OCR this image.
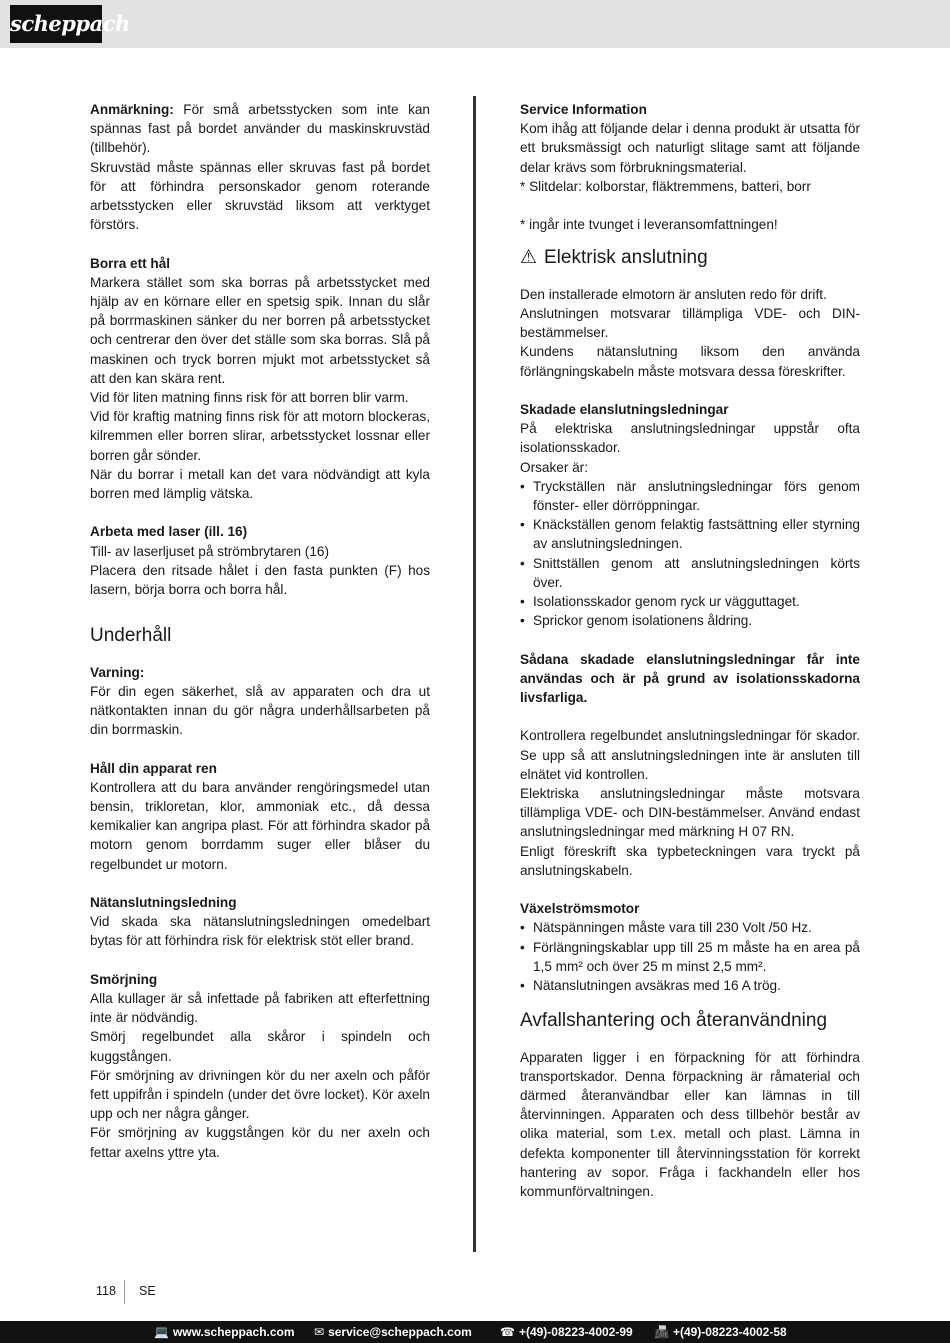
scheppach

Anmärkning: För små arbetsstycken som inte kan spännas fast på bordet använder du maskinskruvstäd (tillbehör).

Skruvstäd måste spännas eller skruvas fast på bordet för att förhindra personskador genom roterande arbetsstycken eller skruvstäd liksom att verktyget förstörs.

Borra ett hål

Markera stället som ska borras på arbetsstycket med hjälp av en körnare eller en spetsig spik. Innan du slår på borrmaskinen sänker du ner borren på arbetsstycket och centrerar den över det ställe som ska borras. Slå på maskinen och tryck borren mjukt mot arbetsstycket så att den kan skära rent.

Vid för liten matning finns risk för att borren blir varm.

Vid för kraftig matning finns risk för att motorn blockeras, kilremmen eller borren slirar, arbetsstycket lossnar eller borren går sönder.

När du borrar i metall kan det vara nödvändigt att kyla borren med lämplig vätska.

Arbeta med laser (ill. 16)

Till- av laserljuset på strömbrytaren (16)

Placera den ritsade hålet i den fasta punkten (F) hos lasern, börja borra och borra hål.

Underhåll
Varning:

För din egen säkerhet, slå av apparaten och dra ut nätkontakten innan du gör några underhållsarbeten på din borrmaskin.

Håll din apparat ren

Kontrollera att du bara använder rengöringsmedel utan bensin, trikloretan, klor, ammoniak etc., då dessa kemikalier kan angripa plast. För att förhindra skador på motorn genom borrdamm suger eller blåser du regelbundet ur motorn.

Nätanslutningsledning

Vid skada ska nätanslutningsledningen omedelbart bytas för att förhindra risk för elektrisk stöt eller brand.

Smörjning

Alla kullager är så infettade på fabriken att efterfettning inte är nödvändig.

Smörj regelbundet alla skåror i spindeln och kuggstången.

För smörjning av drivningen kör du ner axeln och påför fett uppifrån i spindeln (under det övre locket). Kör axeln upp och ner några gånger.

För smörjning av kuggstången kör du ner axeln och fettar axelns yttre yta.

Service Information

Kom ihåg att följande delar i denna produkt är utsatta för ett bruksmässigt och naturligt slitage samt att följande delar krävs som förbrukningsmaterial.

* Slitdelar: kolborstar, fläktremmens, batteri, borr

* ingår inte tvunget i leveransomfattningen!

⚠ Elektrisk anslutning

Den installerade elmotorn är ansluten redo för drift.

Anslutningen motsvarar tillämpliga VDE- och DIN-bestämmelser.

Kundens nätanslutning liksom den använda förlängningskabeln måste motsvara dessa föreskrifter.

Skadade elanslutningsledningar

På elektriska anslutningsledningar uppstår ofta isolationsskador.

Orsaker är:

• Tryckställen när anslutningsledningar förs genom fönster- eller dörröppningar.
• Knäckställen genom felaktig fastsättning eller styrning av anslutningsledningen.
• Snittställen genom att anslutningsledningen körts över.
• Isolationsskador genom ryck ur vägguttaget.
• Sprickor genom isolationens åldring.

Sådana skadade elanslutningsledningar får inte användas och är på grund av isolationsskadorna livsfarliga.

Kontrollera regelbundet anslutningsledningar för skador. Se upp så att anslutningsledningen inte är ansluten till elnätet vid kontrollen.

Elektriska anslutningsledningar måste motsvara tillämpliga VDE- och DIN-bestämmelser. Använd endast anslutningsledningar med märkning H 07 RN.

Enligt föreskrift ska typbeteckningen vara tryckt på anslutningskabeln.

Växelströmsmotor
• Nätspänningen måste vara till 230 Volt /50 Hz.
• Förlängningskablar upp till 25 m måste ha en area på 1,5 mm² och över 25 m minst 2,5 mm².
• Nätanslutningen avsäkras med 16 A trög.
Avfallshantering och återanvändning

Apparaten ligger i en förpackning för att förhindra transportskador. Denna förpackning är råmaterial och därmed återanvändbar eller kan lämnas in till återvinningen. Apparaten och dess tillbehör består av olika material, som t.ex. metall och plast. Lämna in defekta komponenter till återvinningsstation för korrekt hantering av sopor. Fråga i fackhandeln eller hos kommunförvaltningen.

118 SE
💻 www.scheppach.com ✉ service@scheppach.com ☎ +(49)-08223-4002-99 📠 +(49)-08223-4002-58
